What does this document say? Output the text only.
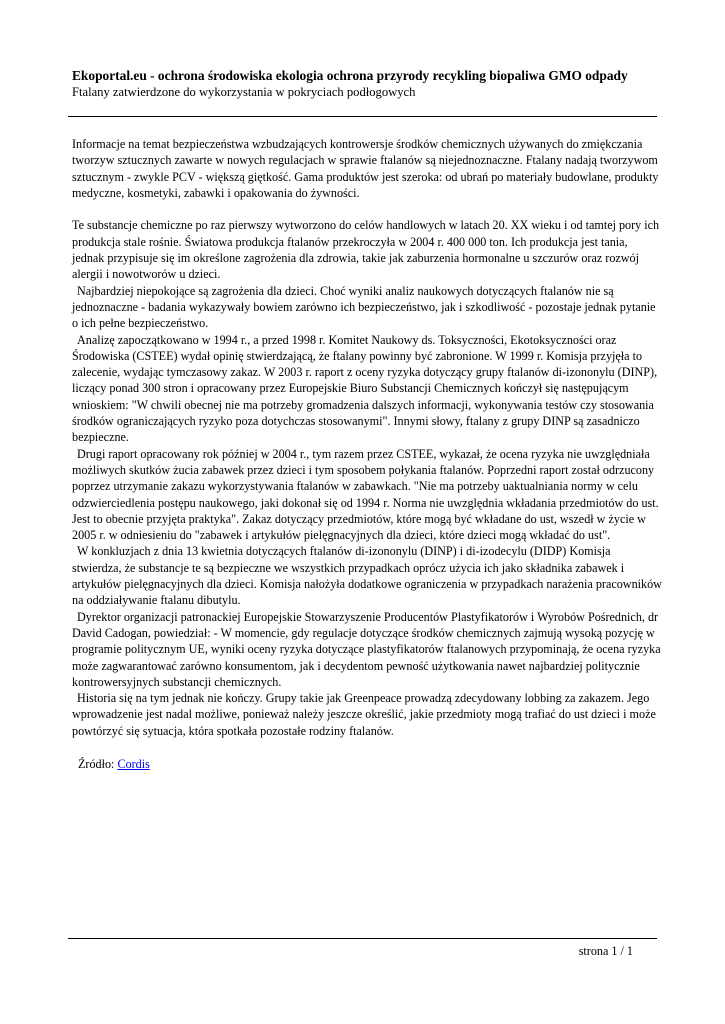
Ekoportal.eu - ochrona środowiska ekologia ochrona przyrody recykling biopaliwa GMO odpady

Ftalany zatwierdzone do wykorzystania w pokryciach podłogowych

Informacje na temat bezpieczeństwa wzbudzających kontrowersje środków chemicznych używanych do zmiękczania tworzyw sztucznych zawarte w nowych regulacjach w sprawie ftalanów są niejednoznaczne. Ftalany nadają tworzywom sztucznym - zwykle PCV - większą giętkość. Gama produktów jest szeroka: od ubrań po materiały budowlane, produkty medyczne, kosmetyki, zabawki i opakowania do żywności.

Te substancje chemiczne po raz pierwszy wytworzono do celów handlowych w latach 20. XX wieku i od tamtej pory ich produkcja stale rośnie. Światowa produkcja ftalanów przekroczyła w 2004 r. 400 000 ton. Ich produkcja jest tania, jednak przypisuje się im określone zagrożenia dla zdrowia, takie jak zaburzenia hormonalne u szczurów oraz rozwój alergii i nowotworów u dzieci.

Najbardziej niepokojące są zagrożenia dla dzieci. Choć wyniki analiz naukowych dotyczących ftalanów nie są jednoznaczne - badania wykazywały bowiem zarówno ich bezpieczeństwo, jak i szkodliwość - pozostaje jednak pytanie o ich pełne bezpieczeństwo.

Analizę zapoczątkowano w 1994 r., a przed 1998 r. Komitet Naukowy ds. Toksyczności, Ekotoksyczności oraz Środowiska (CSTEE) wydał opinię stwierdzającą, że ftalany powinny być zabronione. W 1999 r. Komisja przyjęła to zalecenie, wydając tymczasowy zakaz. W 2003 r. raport z oceny ryzyka dotyczący grupy ftalanów di-izononylu (DINP), liczący ponad 300 stron i opracowany przez Europejskie Biuro Substancji Chemicznych kończył się następującym wnioskiem: "W chwili obecnej nie ma potrzeby gromadzenia dalszych informacji, wykonywania testów czy stosowania środków ograniczających ryzyko poza dotychczas stosowanymi". Innymi słowy, ftalany z grupy DINP są zasadniczo bezpieczne.

Drugi raport opracowany rok później w 2004 r., tym razem przez CSTEE, wykazał, że ocena ryzyka nie uwzględniała możliwych skutków żucia zabawek przez dzieci i tym sposobem połykania ftalanów. Poprzedni raport został odrzucony poprzez utrzymanie zakazu wykorzystywania ftalanów w zabawkach. "Nie ma potrzeby uaktualniania normy w celu odzwierciedlenia postępu naukowego, jaki dokonał się od 1994 r. Norma nie uwzględnia wkładania przedmiotów do ust. Jest to obecnie przyjęta praktyka". Zakaz dotyczący przedmiotów, które mogą być wkładane do ust, wszedł w życie w 2005 r. w odniesieniu do "zabawek i artykułów pielęgnacyjnych dla dzieci, które dzieci mogą wkładać do ust".

W konkluzjach z dnia 13 kwietnia dotyczących ftalanów di-izononylu (DINP) i di-izodecylu (DIDP) Komisja stwierdza, że substancje te są bezpieczne we wszystkich przypadkach oprócz użycia ich jako składnika zabawek i artykułów pielęgnacyjnych dla dzieci. Komisja nałożyła dodatkowe ograniczenia w przypadkach narażenia pracowników na oddziaływanie ftalanu dibutylu.

Dyrektor organizacji patronackiej Europejskie Stowarzyszenie Producentów Plastyfikatorów i Wyrobów Pośrednich, dr David Cadogan, powiedział: - W momencie, gdy regulacje dotyczące środków chemicznych zajmują wysoką pozycję w programie politycznym UE, wyniki oceny ryzyka dotyczące plastyfikatorów ftalanowych przypominają, że ocena ryzyka może zagwarantować zarówno konsumentom, jak i decydentom pewność użytkowania nawet najbardziej politycznie kontrowersyjnych substancji chemicznych.

Historia się na tym jednak nie kończy. Grupy takie jak Greenpeace prowadzą zdecydowany lobbing za zakazem. Jego wprowadzenie jest nadal możliwe, ponieważ należy jeszcze określić, jakie przedmioty mogą trafiać do ust dzieci i może powtórzyć się sytuacja, która spotkała pozostałe rodziny ftalanów.

Źródło: Cordis

strona 1 / 1
